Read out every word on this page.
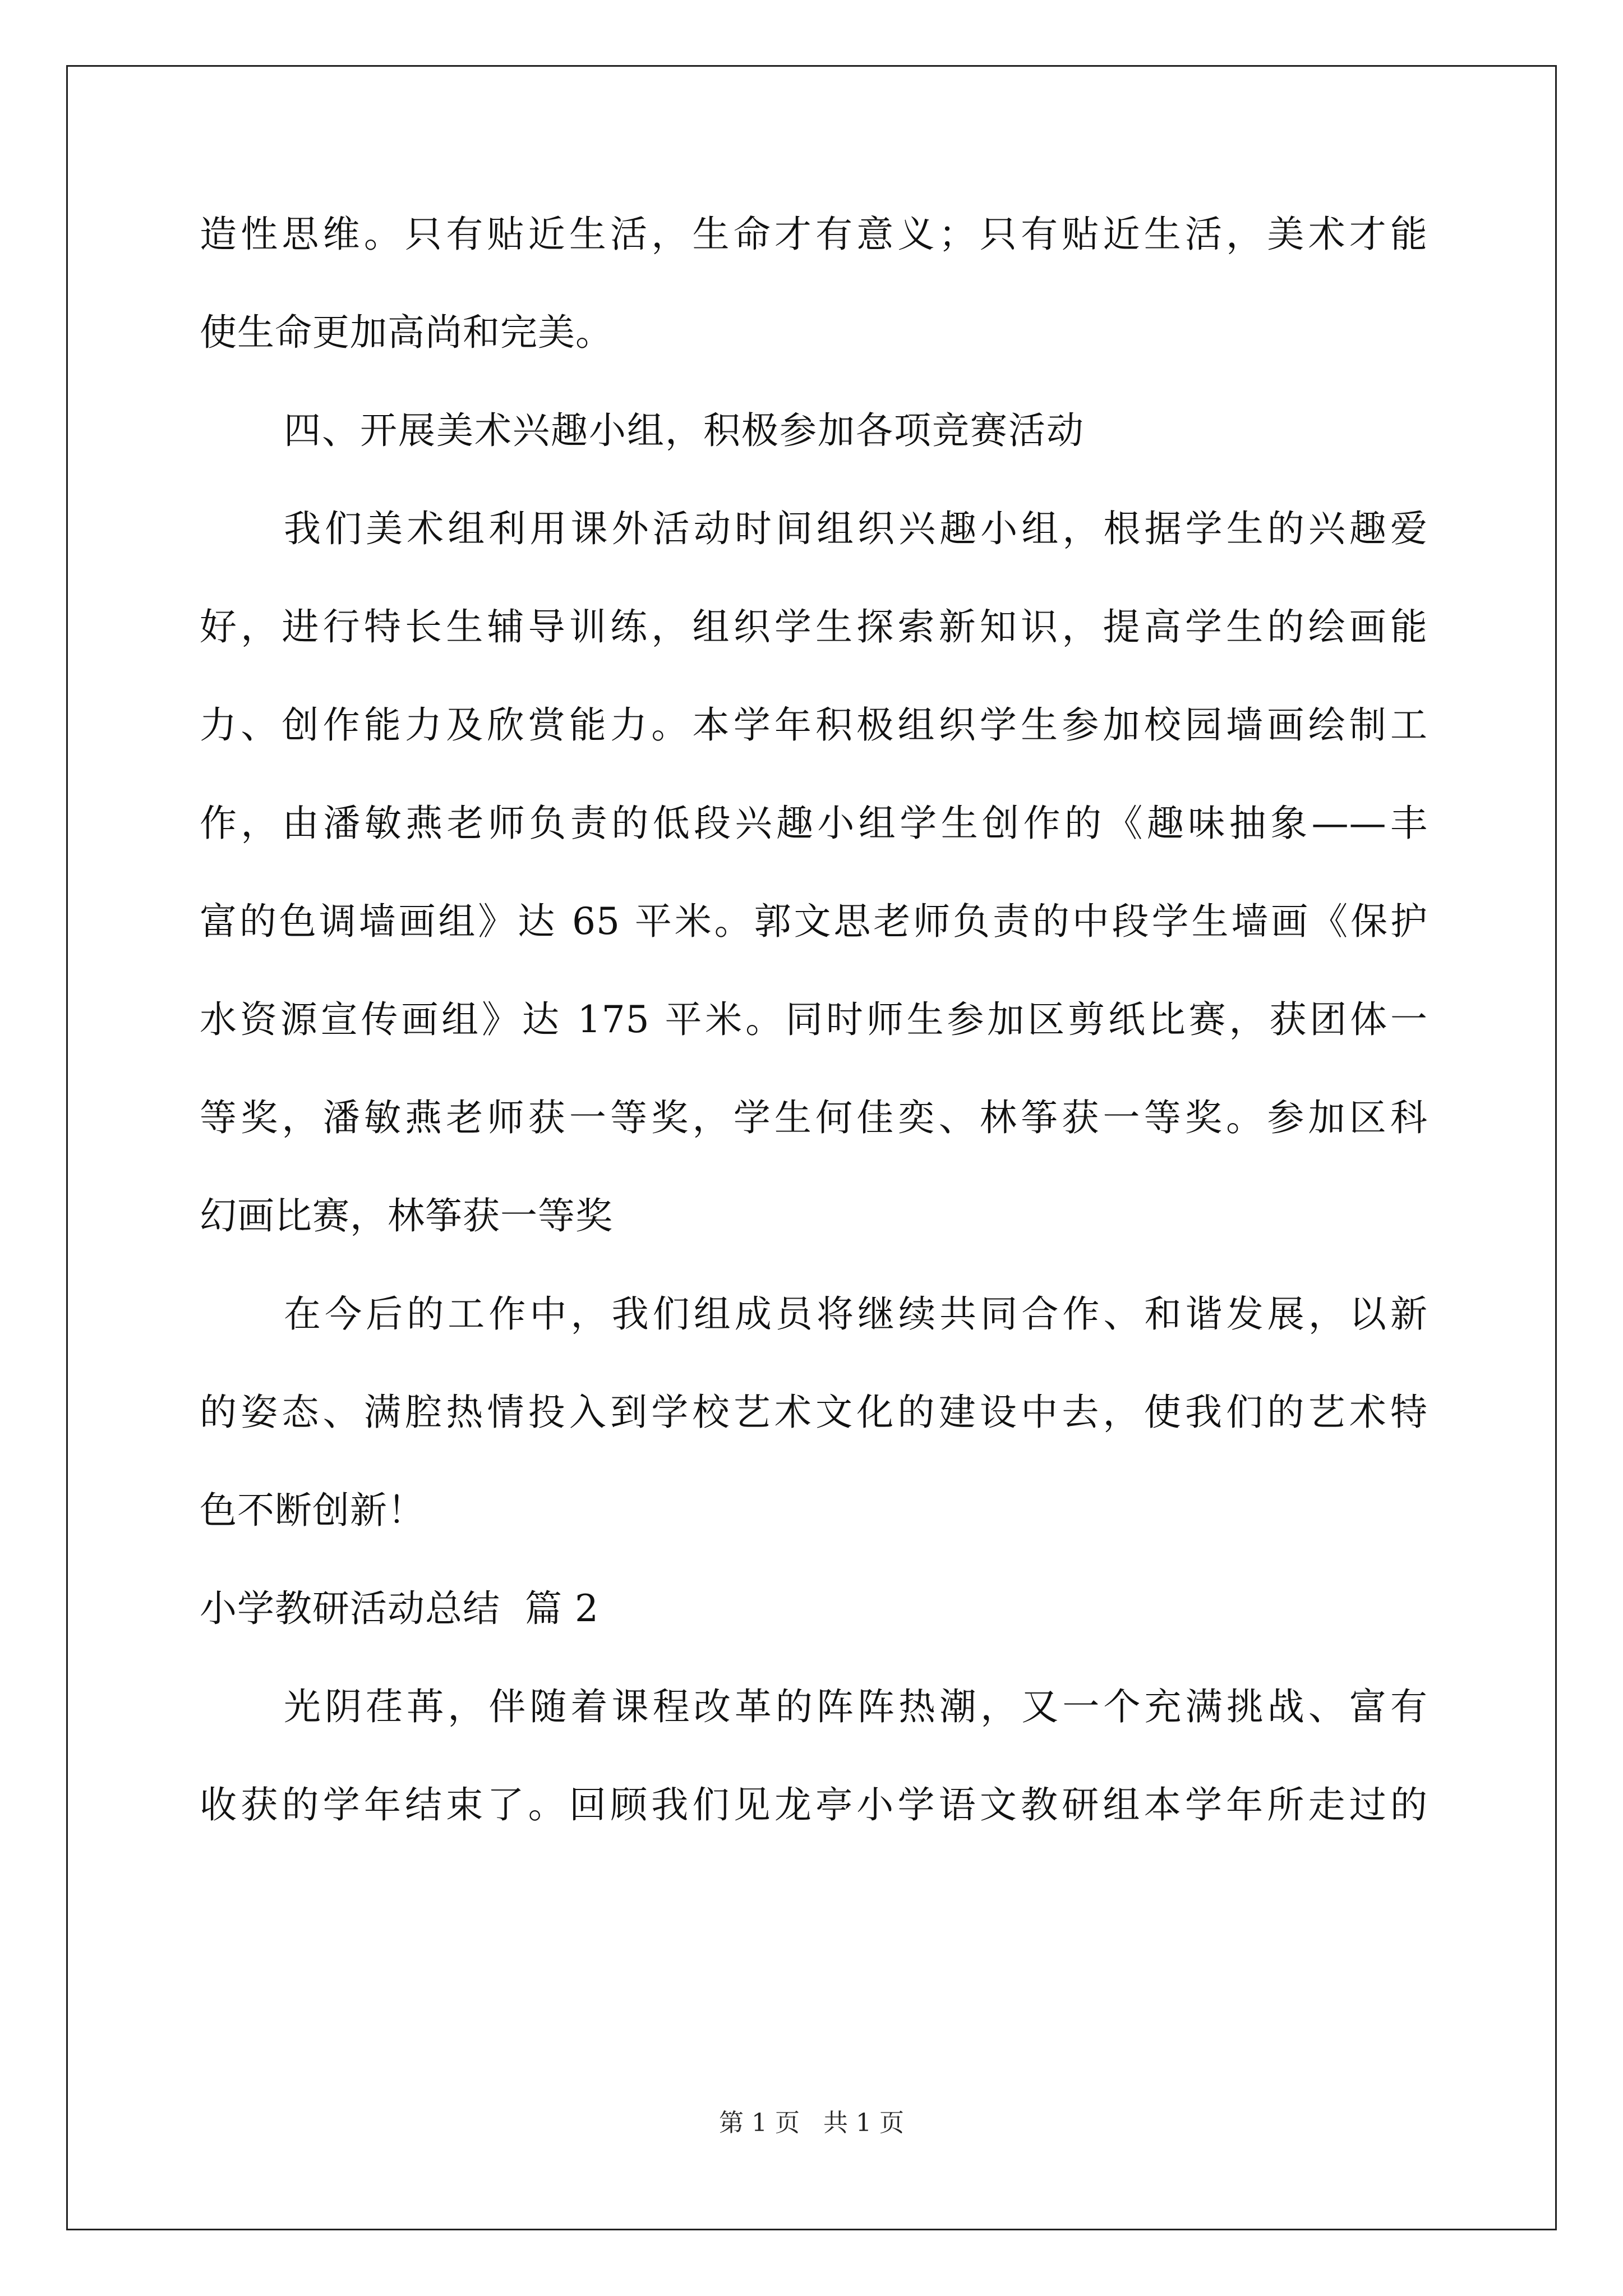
造性思维。只有贴近生活，生命才有意义；只有贴近生活，美术才能
使生命更加高尚和完美。
四、开展美术兴趣小组，积极参加各项竞赛活动
我们美术组利用课外活动时间组织兴趣小组，根据学生的兴趣爱
好，进行特长生辅导训练，组织学生探索新知识，提高学生的绘画能
力、创作能力及欣赏能力。本学年积极组织学生参加校园墙画绘制工
作，由潘敏燕老师负责的低段兴趣小组学生创作的《趣味抽象——丰
富的色调墙画组》达 65 平米。郭文思老师负责的中段学生墙画《保护
水资源宣传画组》达 175 平米。同时师生参加区剪纸比赛，获团体一
等奖，潘敏燕老师获一等奖，学生何佳奕、林筝获一等奖。参加区科
幻画比赛，林筝获一等奖
在今后的工作中，我们组成员将继续共同合作、和谐发展，以新
的姿态、满腔热情投入到学校艺术文化的建设中去，使我们的艺术特
色不断创新！
小学教研活动总结  篇 2
光阴荏苒，伴随着课程改革的阵阵热潮，又一个充满挑战、富有
收获的学年结束了。回顾我们见龙亭小学语文教研组本学年所走过的
第 1 页   共 1 页
